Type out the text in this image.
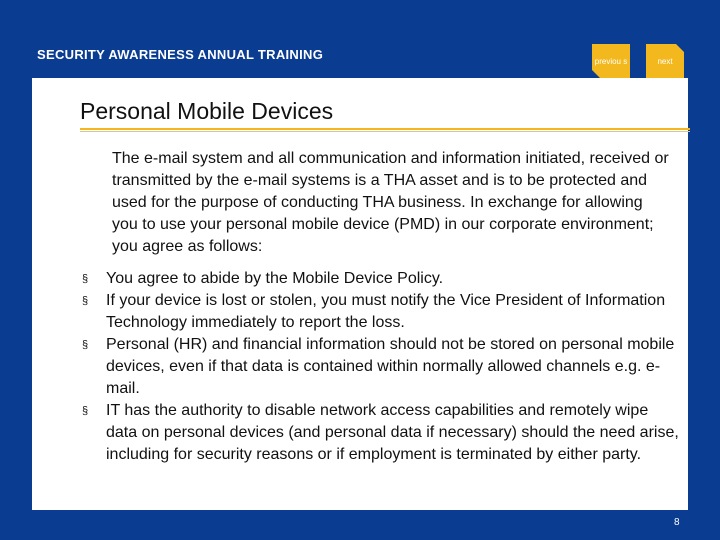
SECURITY AWARENESS ANNUAL TRAINING	previou s	next
Personal Mobile Devices
The e-mail system and all communication and information initiated, received or transmitted by the e-mail systems is a THA asset and is to be protected and used for the purpose of conducting THA business. In exchange for allowing you to use your personal mobile device (PMD) in our corporate environment; you agree as follows:
§	You agree to abide by the Mobile Device Policy.
§	If your device is lost or stolen, you must notify the Vice President of Information Technology immediately to report the loss.
§	Personal (HR) and financial information should not be stored on personal mobile devices, even if that data is contained within normally allowed channels e.g. e-mail.
§	IT has the authority to disable network access capabilities and remotely wipe data on personal devices (and personal data if necessary) should the need arise, including for security reasons or if employment is terminated by either party.
8
